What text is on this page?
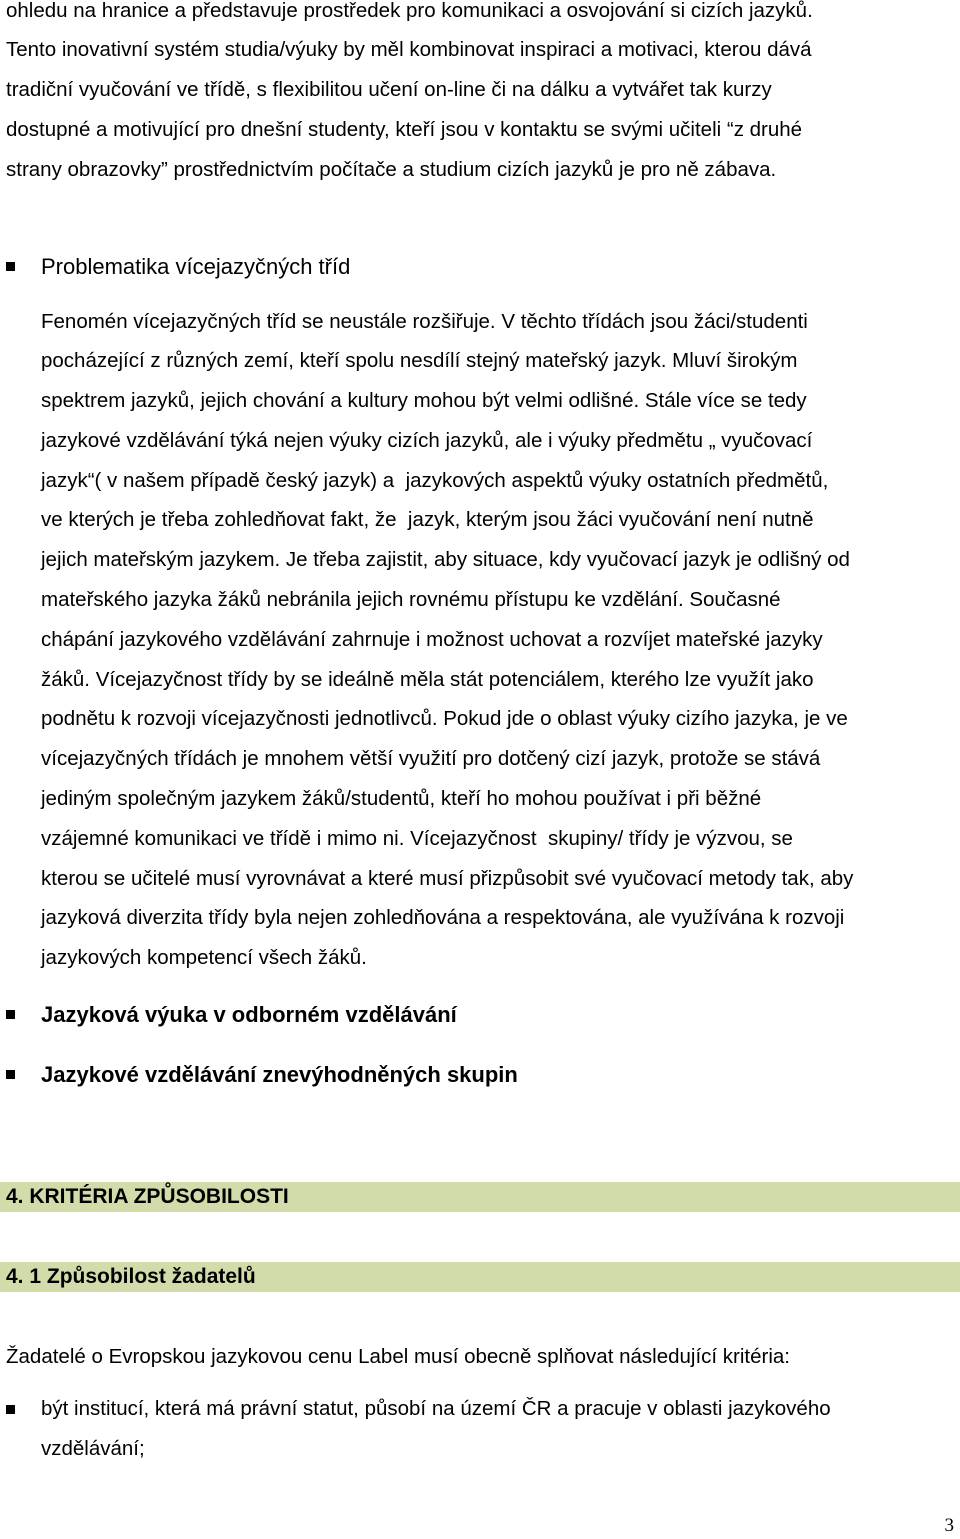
ohledu na hranice a představuje prostředek pro komunikaci a osvojování si cizích jazyků.
Tento inovativní systém studia/výuky by měl kombinovat inspiraci a motivaci, kterou dává
tradiční vyučování ve třídě, s flexibilitou učení on-line či na dálku a vytvářet tak kurzy
dostupné a motivující pro dnešní studenty, kteří jsou v kontaktu se svými učiteli “z druhé
strany obrazovky” prostřednictvím počítače a studium cizích jazyků je pro ně zábava.
Problematika vícejazyčných tříd
Fenomén vícejazyčných tříd se neustále rozšiřuje. V těchto třídách jsou žáci/studenti
pocházející z různých zemí, kteří spolu nesdílí stejný mateřský jazyk. Mluví širokým
spektrem jazyků, jejich chování a kultury mohou být velmi odlišné. Stále více se tedy
jazykové vzdělávání týká nejen výuky cizích jazyků, ale i výuky předmětu „ vyučovací
jazyk“( v našem případě český jazyk) a  jazykových aspektů výuky ostatních předmětů,
ve kterých je třeba zohledňovat fakt, že  jazyk, kterým jsou žáci vyučování není nutně
jejich mateřským jazykem. Je třeba zajistit, aby situace, kdy vyučovací jazyk je odlišný od
mateřského jazyka žáků nebránila jejich rovnému přístupu ke vzdělání. Současné
chápání jazykového vzdělávání zahrnuje i možnost uchovat a rozvíjet mateřské jazyky
žáků. Vícejazyčnost třídy by se ideálně měla stát potenciálem, kterého lze využít jako
podnětu k rozvoji vícejazyčnosti jednotlivců. Pokud jde o oblast výuky cizího jazyka, je ve
vícejazyčných třídách je mnohem větší využití pro dotčený cizí jazyk, protože se stává
jediným společným jazykem žáků/studentů, kteří ho mohou používat i při běžné
vzájemné komunikaci ve třídě i mimo ni. Vícejazyčnost  skupiny/ třídy je výzvou, se
kterou se učitelé musí vyrovnávat a které musí přizpůsobit své vyučovací metody tak, aby
jazyková diverzita třídy byla nejen zohledňována a respektována, ale využívána k rozvoji
jazykových kompetencí všech žáků.
Jazyková výuka v odborném vzdělávání
Jazykové vzdělávání znevýhodněných skupin
4. KRITÉRIA ZPŮSOBILOSTI
4. 1 Způsobilost žadatelů
Žadatelé o Evropskou jazykovou cenu Label musí obecně splňovat následující kritéria:
být institucí, která má právní statut, působí na území ČR a pracuje v oblasti jazykového
vzdělávání;
3
